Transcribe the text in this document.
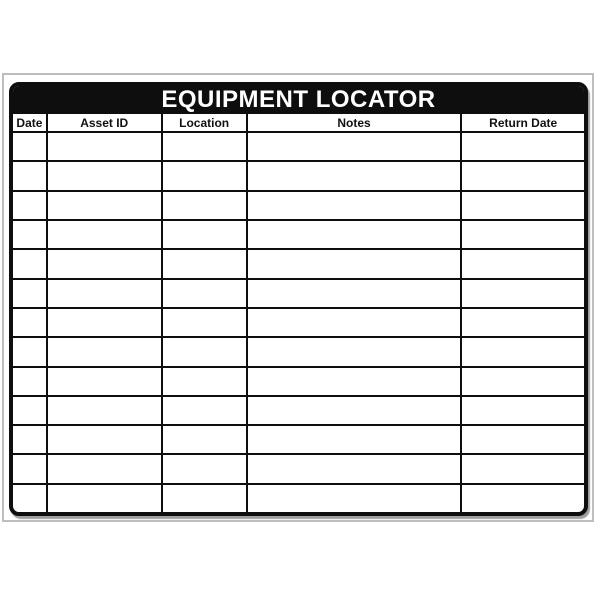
EQUIPMENT LOCATOR
Date	Asset ID	Location	Notes	Return Date
